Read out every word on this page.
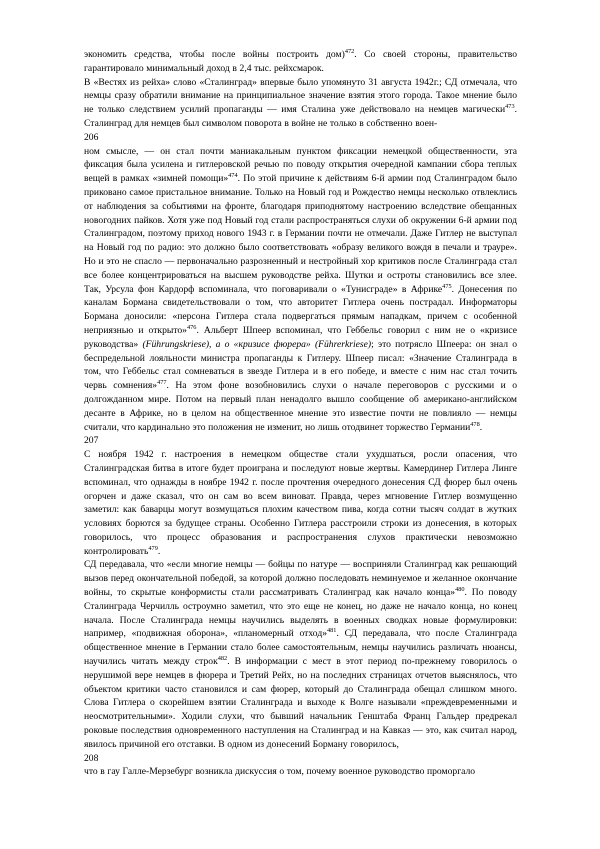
экономить средства, чтобы после войны построить дом)$^{472}$. Со своей стороны, правительство гарантировало минимальный доход в 2,4 тыс. рейхсмарок.

В «Вестях из рейха» слово «Сталинград» впервые было упомянуто 31 августа 1942г.; СД отмечала, что немцы сразу обратили внимание на принципиальное значение взятия этого города. Такое мнение было не только следствием усилий пропаганды — имя Сталина уже действовало на немцев магически$^{473}$. Сталинград для немцев был символом поворота в войне не только в собственно воен-

206

ном смысле, — он стал почти маниакальным пунктом фиксации немецкой общественности, эта фиксация была усилена и гитлеровской речью по поводу открытия очередной кампании сбора теплых вещей в рамках «зимней помощи»$^{474}$. По этой причине к действиям 6-й армии под Сталинградом было приковано самое пристальное внимание. Только на Новый год и Рождество немцы несколько отвлеклись от наблюдения за событиями на фронте, благодаря приподнятому настроению вследствие обещанных новогодних пайков. Хотя уже под Новый год стали распространяться слухи об окружении 6-й армии под Сталинградом, поэтому приход нового 1943 г. в Германии почти не отмечали. Даже Гитлер не выступал на Новый год по радио: это должно было соответствовать «образу великого вождя в печали и трауре». Но и это не спасло — первоначально разрозненный и нестройный хор критиков после Сталинграда стал все более концентрироваться на высшем руководстве рейха. Шутки и остроты становились все злее. Так, Урсула фон Кардорф вспоминала, что поговаривали о «Тунисграде» в Африке$^{475}$. Донесения по каналам Бормана свидетельствовали о том, что авторитет Гитлера очень пострадал. Информаторы Бормана доносили: «персона Гитлера стала подвергаться прямым нападкам, причем с особенной неприязнью и открыто»$^{476}$. Альберт Шпеер вспоминал, что Геббельс говорил с ним не о «кризисе руководства» (Führungskriese), а о «кризисе фюрера» (Führerkriese); это потрясло Шпеера: он знал о беспредельной лояльности министра пропаганды к Гитлеру. Шпеер писал: «Значение Сталинграда в том, что Геббельс стал сомневаться в звезде Гитлера и в его победе, и вместе с ним нас стал точить червь сомнения»$^{477}$. На этом фоне возобновились слухи о начале переговоров с русскими и о долгожданном мире. Потом на первый план ненадолго вышло сообщение об американо-английском десанте в Африке, но в целом на общественное мнение это известие почти не повлияло — немцы считали, что кардинально это положения не изменит, но лишь отодвинет торжество Германии$^{478}$.

207

С ноября 1942 г. настроения в немецком обществе стали ухудшаться, росли опасения, что Сталинградская битва в итоге будет проиграна и последуют новые жертвы. Камердинер Гитлера Линге вспоминал, что однажды в ноябре 1942 г. после прочтения очередного донесения СД фюрер был очень огорчен и даже сказал, что он сам во всем виноват. Правда, через мгновение Гитлер возмущенно заметил: как баварцы могут возмущаться плохим качеством пива, когда сотни тысяч солдат в жутких условиях борются за будущее страны. Особенно Гитлера расстроили строки из донесения, в которых говорилось, что процесс образования и распространения слухов практически невозможно контролировать$^{479}$.

СД передавала, что «если многие немцы — бойцы по натуре — восприняли Сталинград как решающий вызов перед окончательной победой, за которой должно последовать неминуемое и желанное окончание войны, то скрытые конформисты стали рассматривать Сталинград как начало конца»$^{480}$. По поводу Сталинграда Черчилль остроумно заметил, что это еще не конец, но даже не начало конца, но конец начала. После Сталинграда немцы научились выделять в военных сводках новые формулировки: например, «подвижная оборона», «планомерный отход»$^{481}$. СД передавала, что после Сталинграда общественное мнение в Германии стало более самостоятельным, немцы научились различать нюансы, научились читать между строк$^{482}$. В информации с мест в этот период по-прежнему говорилось о нерушимой вере немцев в фюрера и Третий Рейх, но на последних страницах отчетов выяснялось, что объектом критики часто становился и сам фюрер, который до Сталинграда обещал слишком много. Слова Гитлера о скорейшем взятии Сталинграда и выходе к Волге называли «преждевременными и неосмотрительными». Ходили слухи, что бывший начальник Генштаба Франц Гальдер предрекал роковые последствия одновременного наступления на Сталинград и на Кавказ — это, как считал народ, явилось причиной его отставки. В одном из донесений Борману говорилось,

208

что в гау Галле-Мерзебург возникла дискуссия о том, почему военное руководство проморгало
